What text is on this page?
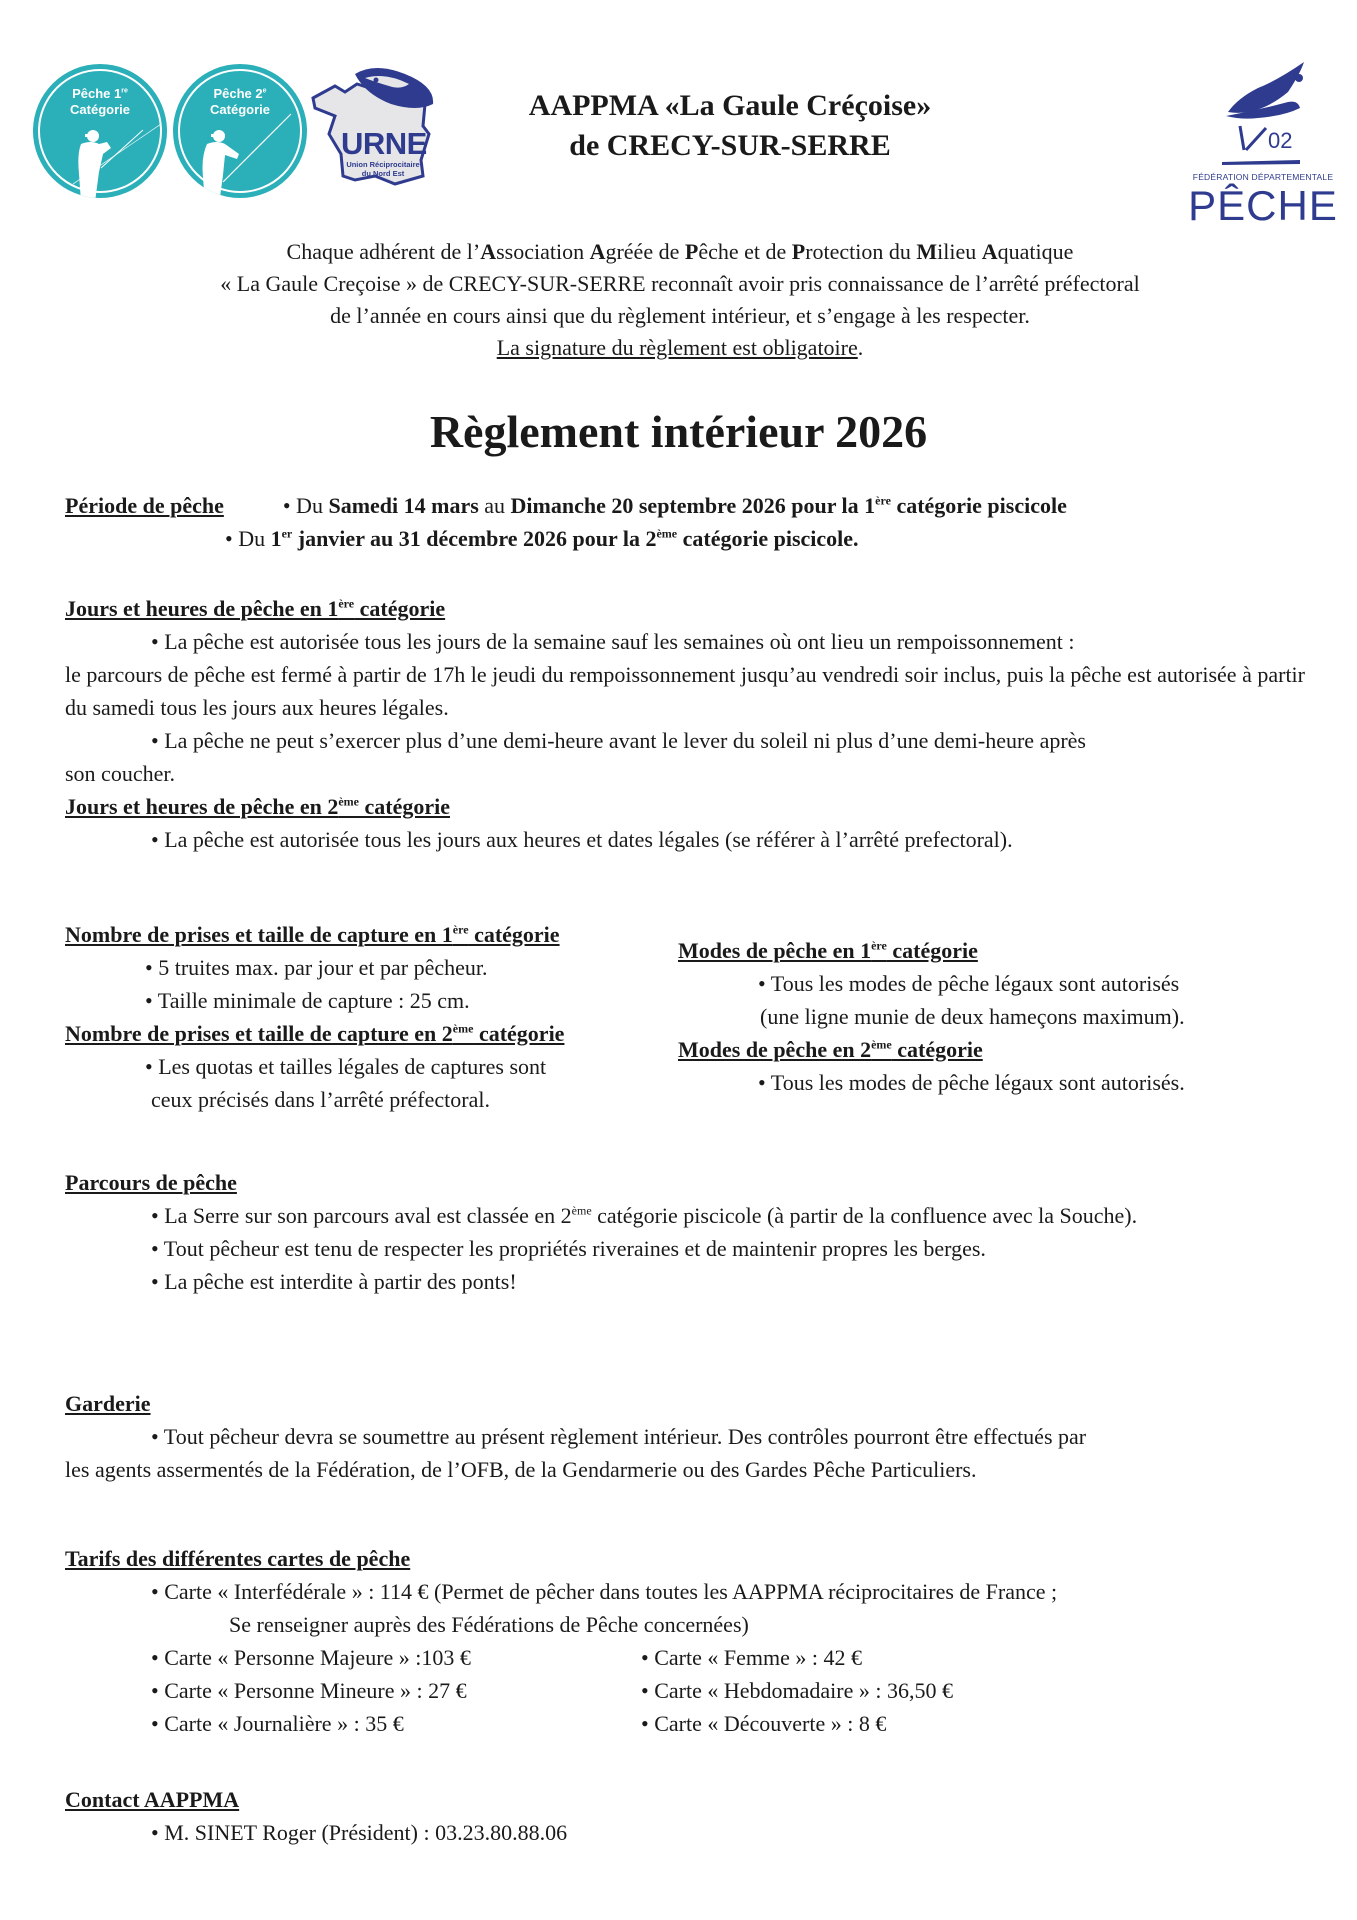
Pêche 1re
Catégorie
Pêche 2e
Catégorie
URNE
Union Réciprocitaire
du Nord Est
02
FÉDÉRATION DÉPARTEMENTALE
PÊCHE
AAPPMA «La Gaule Créçoise»
de CRECY-SUR-SERRE
Chaque adhérent de l’Association Agréée de Pêche et de Protection du Milieu Aquatique
« La Gaule Creçoise » de CRECY-SUR-SERRE reconnaît avoir pris connaissance de l’arrêté préfectoral
de l’année en cours ainsi que du règlement intérieur, et s’engage à les respecter.
La signature du règlement est obligatoire.
Règlement intérieur 2026
Période de pêche	• Du Samedi 14 mars au Dimanche 20 septembre 2026 pour la 1ère catégorie piscicole
• Du 1er janvier au 31 décembre 2026 pour la 2ème catégorie piscicole.
Jours et heures de pêche en 1ère catégorie
• La pêche est autorisée tous les jours de la semaine sauf les semaines où ont lieu un rempoissonnement :
le parcours de pêche est fermé à partir de 17h le jeudi du rempoissonnement jusqu’au vendredi soir inclus, puis la pêche est autorisée à partir du samedi tous les jours aux heures légales.
• La pêche ne peut s’exercer plus d’une demi-heure avant le lever du soleil ni plus d’une demi-heure après
son coucher.
Jours et heures de pêche en 2ème catégorie
• La pêche est autorisée tous les jours aux heures et dates légales (se référer à l’arrêté prefectoral).
Nombre de prises et taille de capture en 1ère catégorie
• 5 truites max. par jour et par pêcheur.
• Taille minimale de capture : 25 cm.
Nombre de prises et taille de capture en 2ème catégorie
• Les quotas et tailles légales de captures sont
ceux précisés dans l’arrêté préfectoral.
Modes de pêche en 1ère catégorie
• Tous les modes de pêche légaux sont autorisés
(une ligne munie de deux hameçons maximum).
Modes de pêche en 2ème catégorie
• Tous les modes de pêche légaux sont autorisés.
Parcours de pêche
• La Serre sur son parcours aval est classée en 2ème catégorie piscicole (à partir de la confluence avec la Souche).
• Tout pêcheur est tenu de respecter les propriétés riveraines et de maintenir propres les berges.
• La pêche est interdite à partir des ponts!
Garderie
• Tout pêcheur devra se soumettre au présent règlement intérieur. Des contrôles pourront être effectués par
les agents assermentés de la Fédération, de l’OFB, de la Gendarmerie ou des Gardes Pêche Particuliers.
Tarifs des différentes cartes de pêche
• Carte « Interfédérale » : 114 € (Permet de pêcher dans toutes les AAPPMA réciprocitaires de France ;
Se renseigner auprès des Fédérations de Pêche concernées)
• Carte « Personne Majeure » :103 €
• Carte « Personne Mineure » : 27 €
• Carte « Journalière » : 35 €
• Carte « Femme » : 42 €
• Carte « Hebdomadaire » : 36,50 €
• Carte « Découverte » : 8 €
Contact AAPPMA
• M. SINET Roger (Président) : 03.23.80.88.06
